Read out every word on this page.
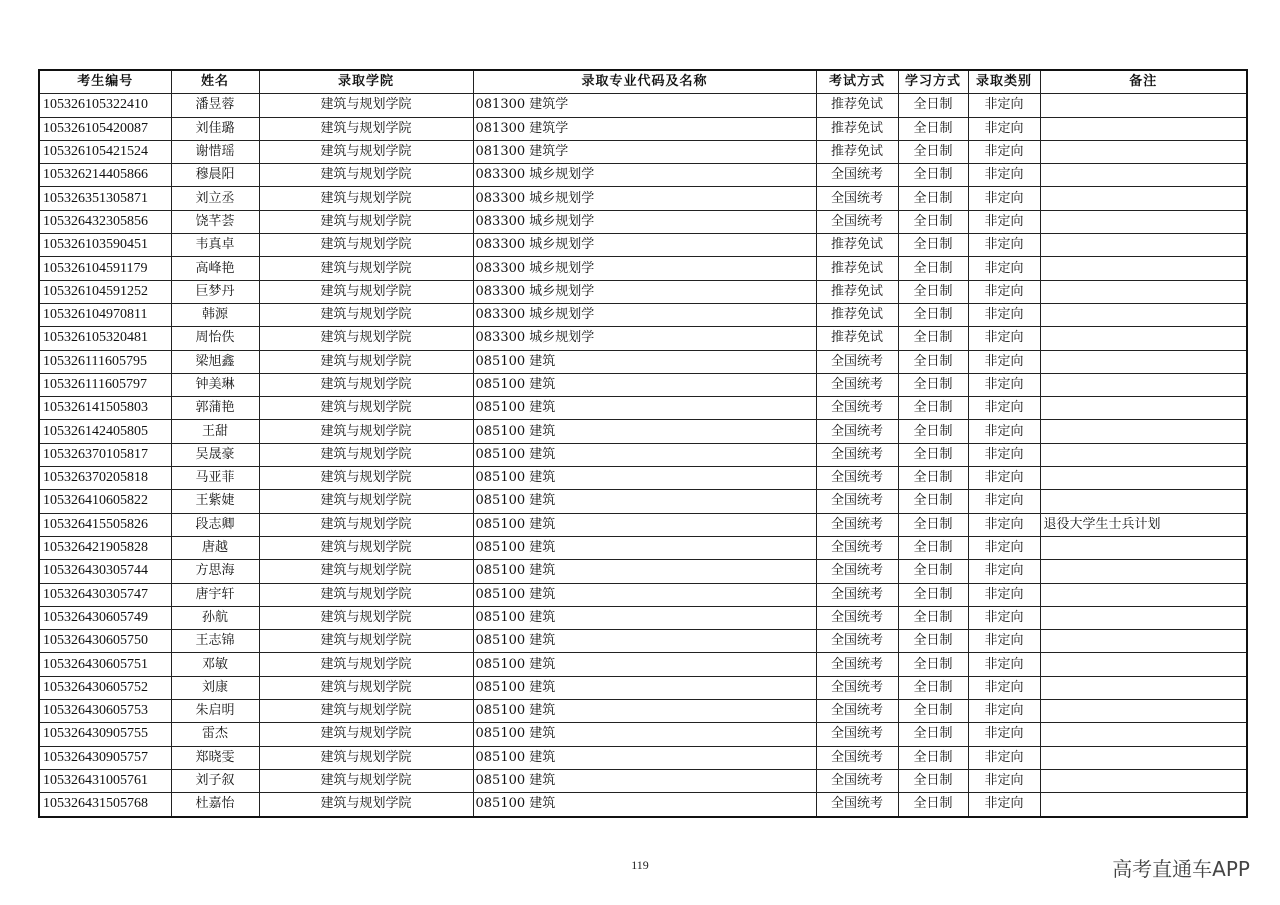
考生编号	姓名	录取学院	录取专业代码及名称	考试方式	学习方式	录取类别	备注
105326105322410	潘昱蓉	建筑与规划学院	081300 建筑学	推荐免试	全日制	非定向	
105326105420087	刘佳璐	建筑与规划学院	081300 建筑学	推荐免试	全日制	非定向	
105326105421524	谢惜瑶	建筑与规划学院	081300 建筑学	推荐免试	全日制	非定向	
105326214405866	穆晨阳	建筑与规划学院	083300 城乡规划学	全国统考	全日制	非定向	
105326351305871	刘立丞	建筑与规划学院	083300 城乡规划学	全国统考	全日制	非定向	
105326432305856	饶芊荟	建筑与规划学院	083300 城乡规划学	全国统考	全日制	非定向	
105326103590451	韦真卓	建筑与规划学院	083300 城乡规划学	推荐免试	全日制	非定向	
105326104591179	高峰艳	建筑与规划学院	083300 城乡规划学	推荐免试	全日制	非定向	
105326104591252	巨梦丹	建筑与规划学院	083300 城乡规划学	推荐免试	全日制	非定向	
105326104970811	韩源	建筑与规划学院	083300 城乡规划学	推荐免试	全日制	非定向	
105326105320481	周怡佚	建筑与规划学院	083300 城乡规划学	推荐免试	全日制	非定向	
105326111605795	梁旭鑫	建筑与规划学院	085100 建筑	全国统考	全日制	非定向	
105326111605797	钟美琳	建筑与规划学院	085100 建筑	全国统考	全日制	非定向	
105326141505803	郭蒲艳	建筑与规划学院	085100 建筑	全国统考	全日制	非定向	
105326142405805	王甜	建筑与规划学院	085100 建筑	全国统考	全日制	非定向	
105326370105817	吴晟豪	建筑与规划学院	085100 建筑	全国统考	全日制	非定向	
105326370205818	马亚菲	建筑与规划学院	085100 建筑	全国统考	全日制	非定向	
105326410605822	王紫婕	建筑与规划学院	085100 建筑	全国统考	全日制	非定向	
105326415505826	段志卿	建筑与规划学院	085100 建筑	全国统考	全日制	非定向	退役大学生士兵计划
105326421905828	唐越	建筑与规划学院	085100 建筑	全国统考	全日制	非定向	
105326430305744	方思海	建筑与规划学院	085100 建筑	全国统考	全日制	非定向	
105326430305747	唐宇轩	建筑与规划学院	085100 建筑	全国统考	全日制	非定向	
105326430605749	孙航	建筑与规划学院	085100 建筑	全国统考	全日制	非定向	
105326430605750	王志锦	建筑与规划学院	085100 建筑	全国统考	全日制	非定向	
105326430605751	邓敏	建筑与规划学院	085100 建筑	全国统考	全日制	非定向	
105326430605752	刘康	建筑与规划学院	085100 建筑	全国统考	全日制	非定向	
105326430605753	朱启明	建筑与规划学院	085100 建筑	全国统考	全日制	非定向	
105326430905755	雷杰	建筑与规划学院	085100 建筑	全国统考	全日制	非定向	
105326430905757	郑晓雯	建筑与规划学院	085100 建筑	全国统考	全日制	非定向	
105326431005761	刘子叙	建筑与规划学院	085100 建筑	全国统考	全日制	非定向	
105326431505768	杜嘉怡	建筑与规划学院	085100 建筑	全国统考	全日制	非定向	
119	高考直通车APP
